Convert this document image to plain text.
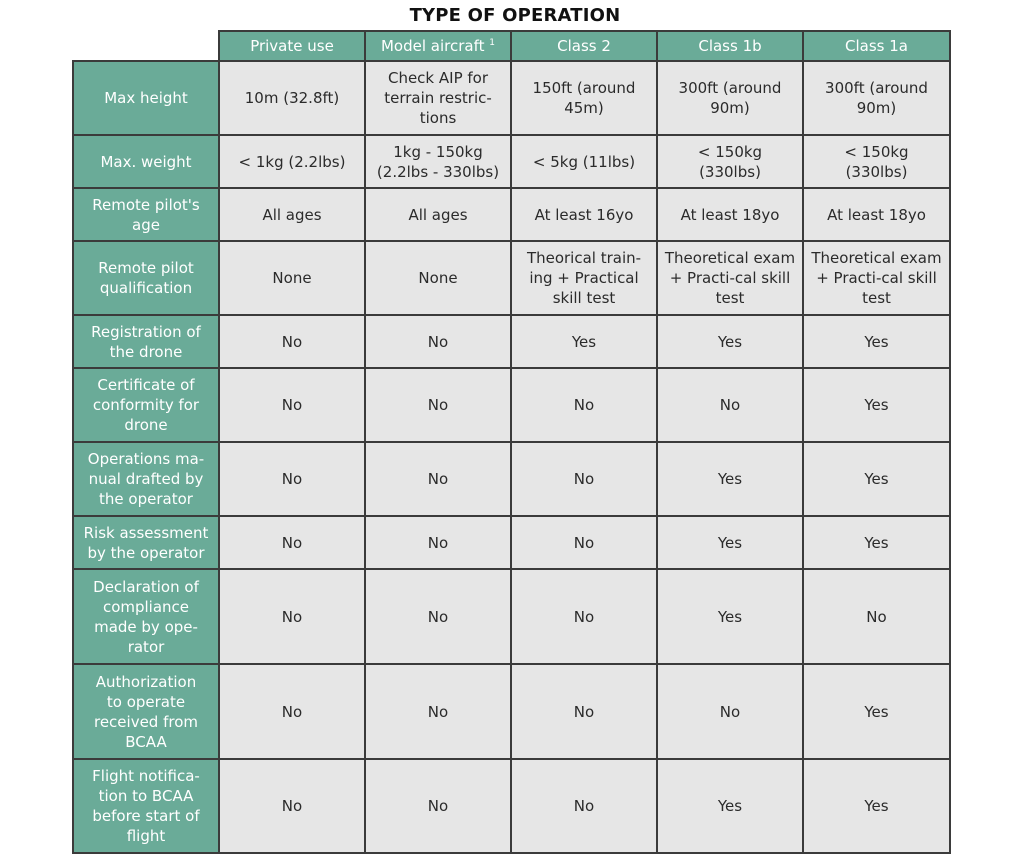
TYPE OF OPERATION
	Private use	Model aircraft $^1$	Class 2	Class 1b	Class 1a
Max height	10m (32.8ft)	Check AIP for terrain restric-tions	150ft (around 45m)	300ft (around 90m)	300ft (around 90m)
Max. weight	< 1kg (2.2lbs)	1kg - 150kg (2.2lbs - 330lbs)	< 5kg (11lbs)	< 150kg (330lbs)	< 150kg (330lbs)
Remote pilot's age	All ages	All ages	At least 16yo	At least 18yo	At least 18yo
Remote pilot qualification	None	None	Theorical train-ing + Practical skill test	Theoretical exam + Practi-cal skill test	Theoretical exam + Practi-cal skill test
Registration of the drone	No	No	Yes	Yes	Yes
Certificate of conformity for drone	No	No	No	No	Yes
Operations ma-nual drafted by the operator	No	No	No	Yes	Yes
Risk assessment by the operator	No	No	No	Yes	Yes
Declaration of compliance made by ope-rator	No	No	No	Yes	No
Authorization to operate received from BCAA	No	No	No	No	Yes
Flight notifica-tion to BCAA before start of flight	No	No	No	Yes	Yes
